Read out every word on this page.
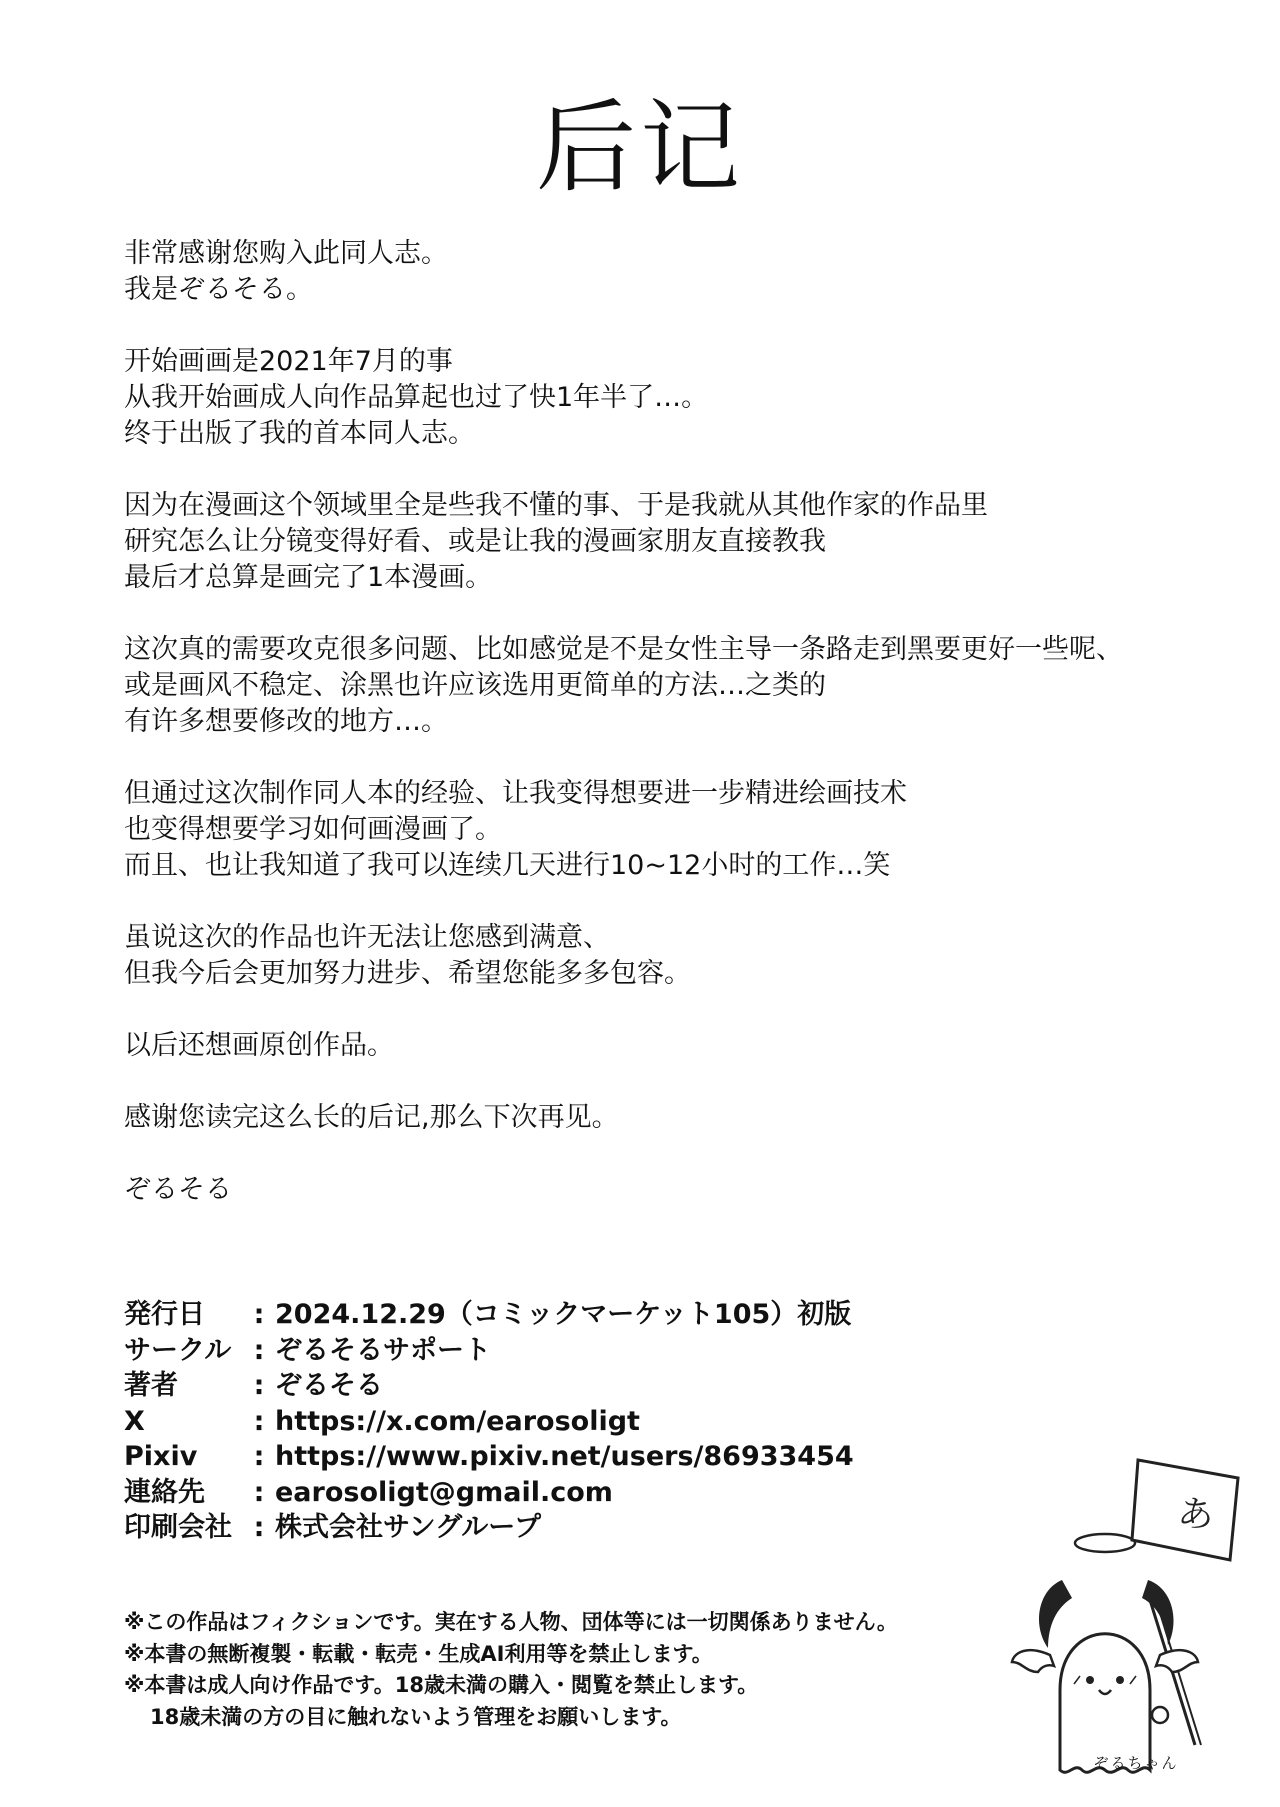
后记

非常感谢您购入此同人志。
我是ぞるそる。

开始画画是2021年7月的事
从我开始画成人向作品算起也过了快1年半了…。
终于出版了我的首本同人志。

因为在漫画这个领域里全是些我不懂的事、于是我就从其他作家的作品里
研究怎么让分镜变得好看、或是让我的漫画家朋友直接教我
最后才总算是画完了1本漫画。

这次真的需要攻克很多问题、比如感觉是不是女性主导一条路走到黑要更好一些呢、
或是画风不稳定、涂黑也许应该选用更简单的方法…之类的
有许多想要修改的地方…。

但通过这次制作同人本的经验、让我变得想要进一步精进绘画技术
也变得想要学习如何画漫画了。
而且、也让我知道了我可以连续几天进行10~12小时的工作…笑

虽说这次的作品也许无法让您感到满意、
但我今后会更加努力进步、希望您能多多包容。

以后还想画原创作品。

感谢您读完这么长的后记,那么下次再见。

ぞるそる

発行日	: 2024.12.29（コミックマーケット105）初版
サークル : ぞるそるサポート
著者	: ぞるそる
X	: https://x.com/earosoligt
Pixiv	: https://www.pixiv.net/users/86933454
連絡先	: earosoligt@gmail.com
印刷会社 : 株式会社サングループ
※この作品はフィクションです。実在する人物、団体等には一切関係ありません。
※本書の無断複製・転載・転売・生成AI利用等を禁止します。
※本書は成人向け作品です。18歳未満の購入・閲覧を禁止します。
18歳未満の方の目に触れないよう管理をお願いします。
あ
ぞるちゃん
